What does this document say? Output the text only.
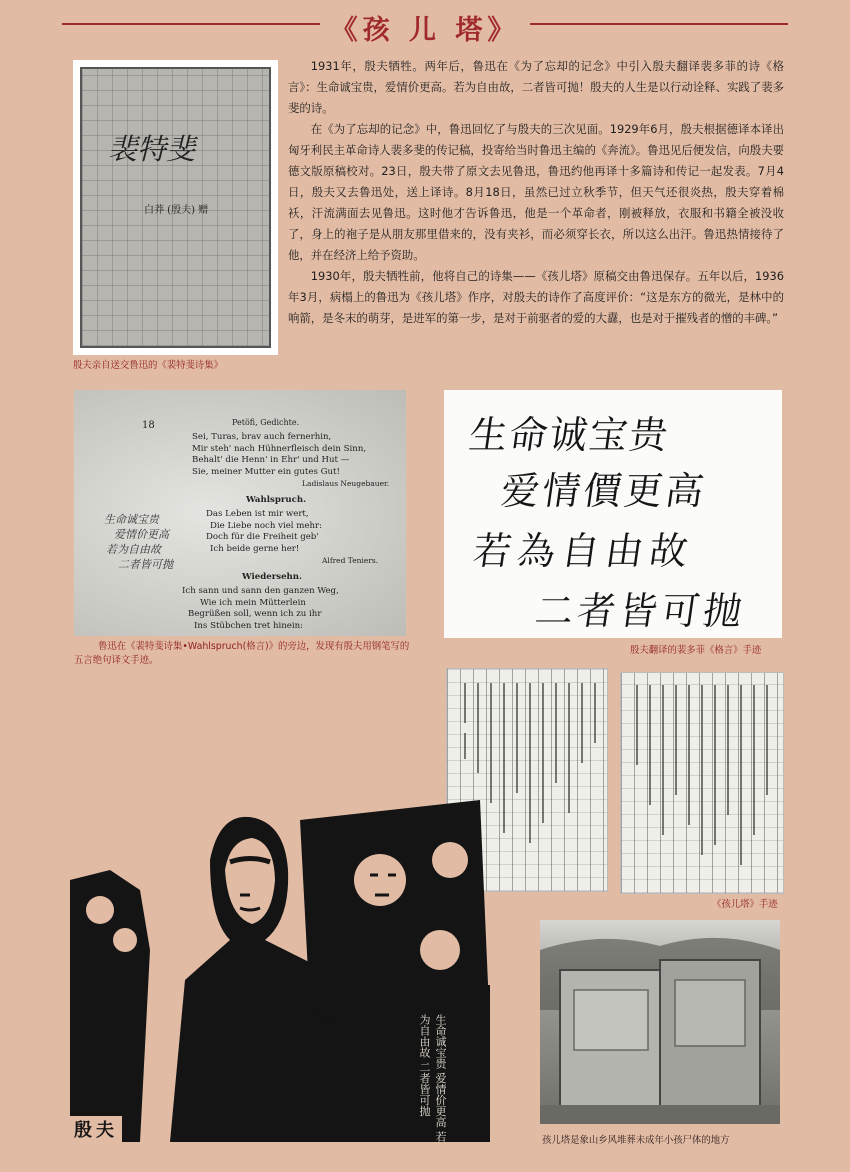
《孩 儿 塔》
裴特斐
白莽 (殷夫) 赠
殷夫亲自送交鲁迅的《裴特斐诗集》

1931年，殷夫牺牲。两年后，鲁迅在《为了忘却的记念》中引入殷夫翻译裴多菲的诗《格言》：生命诚宝贵，爱情价更高。若为自由故，二者皆可抛！殷夫的人生是以行动诠释、实践了裴多斐的诗。

在《为了忘却的记念》中，鲁迅回忆了与殷夫的三次见面。1929年6月，殷夫根据德译本译出匈牙利民主革命诗人裴多斐的传记稿，投寄给当时鲁迅主编的《奔流》。鲁迅见后便发信，向殷夫要德文版原稿校对。23日，殷夫带了原文去见鲁迅，鲁迅约他再译十多篇诗和传记一起发表。7月4日，殷夫又去鲁迅处，送上译诗。8月18日，虽然已过立秋季节，但天气还很炎热，殷夫穿着棉袄，汗流满面去见鲁迅。这时他才告诉鲁迅，他是一个革命者，刚被释放，衣服和书籍全被没收了，身上的袍子是从朋友那里借来的，没有夹衫，而必须穿长衣，所以这么出汗。鲁迅热情接待了他，并在经济上给予资助。

1930年，殷夫牺牲前，他将自己的诗集——《孩儿塔》原稿交由鲁迅保存。五年以后，1936年3月，病榻上的鲁迅为《孩儿塔》作序，对殷夫的诗作了高度评价：“这是东方的微光，是林中的响箭，是冬末的萌芽，是进军的第一步，是对于前驱者的爱的大纛，也是对于摧残者的憎的丰碑。”

18	Petöfi, Gedichte.
Sei, Turas, brav auch fernerhin,
Mir steh' nach Hühnerfleisch dein Sinn,
Behalt' die Henn' in Ehr' und Hut —
Sie, meiner Mutter ein gutes Gut!
Ladislaus Neugebauer.
Wahlspruch.
Das Leben ist mir wert,
Die Liebe noch viel mehr:
Doch für die Freiheit geb'
Ich beide gerne her!
Alfred Teniers.
Wiedersehn.
Ich sann und sann den ganzen Weg,
Wie ich mein Mütterlein
Begrüßen soll, wenn ich zu ihr
Ins Stübchen tret hinein:
生命诚宝贵
爱情价更高
若为自由故
二者皆可抛
鲁迅在《裴特斐诗集•Wahlspruch(格言)》的旁边，发现有殷夫用钢笔写的五言绝句译文手迹。
生命诚宝贵
爱情價更高
若為自由故
二者皆可抛
殷夫翻译的裴多菲《格言》手迹
《孩儿塔》手迹
殷夫
生命诚宝贵 爱情价更高 若为自由故 二者皆可抛
孩儿塔是象山乡风堆葬未成年小孩尸体的地方
